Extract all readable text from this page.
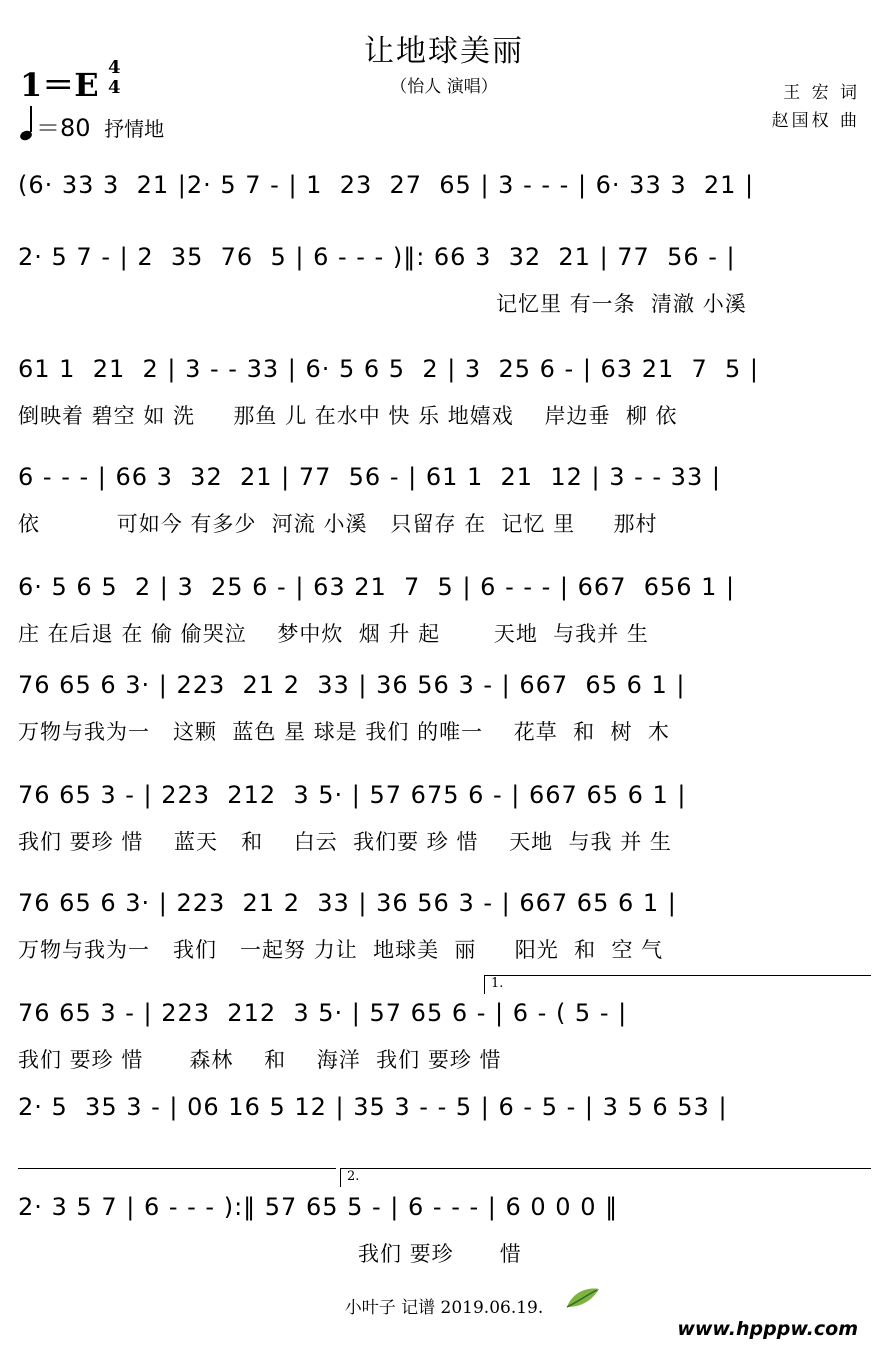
让地球美丽
（怡人 演唱）
1＝E 4
4
＝80 抒情地
王 宏 词
赵国权 曲
(6· 33 3  21 |2· 5 7 - | 1  23  27  65 | 3 - - - | 6· 33 3  21 |
2· 5 7 - | 2  35  76  5 | 6 - - - )‖: 66 3  32  21 | 77  56 - |
记忆里 有一条  清澈 小溪
61 1  21  2 | 3 - - 33 | 6· 5 6 5  2 | 3  25 6 - | 63 21  7  5 |
倒映着 碧空 如 洗     那鱼 儿 在水中 快 乐 地嬉戏    岸边垂  柳 依
6 - - - | 66 3  32  21 | 77  56 - | 61 1  21  12 | 3 - - 33 |
依          可如今 有多少  河流 小溪   只留存 在  记忆 里     那村
6· 5 6 5  2 | 3  25 6 - | 63 21  7  5 | 6 - - - | 667  656 1 |
庄 在后退 在 偷 偷哭泣    梦中炊  烟 升 起       天地  与我并 生
76 65 6 3· | 223  21 2  33 | 36 56 3 - | 667  65 6 1 |
万物与我为一   这颗  蓝色 星 球是 我们 的唯一    花草  和  树  木
76 65 3 - | 223  212  3 5· | 57 675 6 - | 667 65 6 1 |
我们 要珍 惜    蓝天   和    白云  我们要 珍 惜    天地  与我 并 生
76 65 6 3· | 223  21 2  33 | 36 56 3 - | 667 65 6 1 |
万物与我为一   我们   一起努 力让  地球美  丽     阳光  和  空 气
76 65 3 - | 223  212  3 5· | 57 65 6 - | 6 - ( 5 - |
我们 要珍 惜      森林    和    海洋  我们 要珍 惜
2· 5  35 3 - | 06 16 5 12 | 35 3 - - 5 | 6 - 5 - | 3 5 6 53 |
2· 3 5 7 | 6 - - - ):‖ 57 65 5 - | 6 - - - | 6 0 0 0 ‖
我们 要珍      惜
1.
2.
小叶子 记谱 2019.06.19.
www.hpppw.com
